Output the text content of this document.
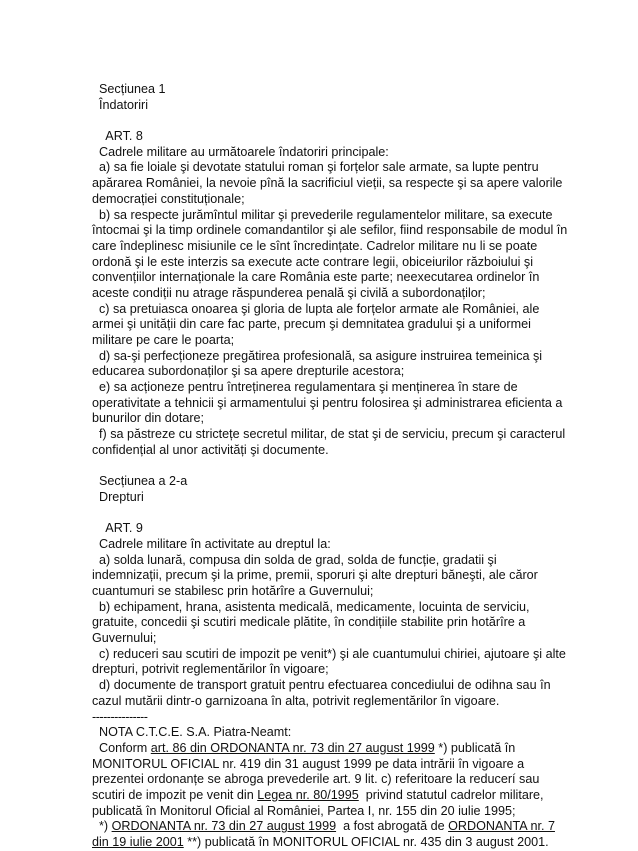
Secțiunea 1
Îndatoriri
ART. 8
Cadrele militare au următoarele îndatoriri principale:
a) sa fie loiale şi devotate statului roman şi forțelor sale armate, sa lupte pentru
apărarea României, la nevoie pînă la sacrificiul vieții, sa respecte şi sa apere valorile
democrației constituționale;
b) sa respecte jurămîntul militar şi prevederile regulamentelor militare, sa execute
întocmai şi la timp ordinele comandantilor şi ale sefilor, fiind responsabile de modul în
care îndeplinesc misiunile ce le sînt încredințate. Cadrelor militare nu li se poate
ordonă şi le este interzis sa execute acte contrare legii, obiceiurilor războiului şi
convențiilor internaționale la care România este parte; neexecutarea ordinelor în
aceste condiții nu atrage răspunderea penală şi civilă a subordonaților;
c) sa pretuiasca onoarea şi gloria de lupta ale forțelor armate ale României, ale
armei şi unității din care fac parte, precum şi demnitatea gradului şi a uniformei
militare pe care le poarta;
d) sa-şi perfecționeze pregătirea profesională, sa asigure instruirea temeinica şi
educarea subordonaților şi sa apere drepturile acestora;
e) sa acționeze pentru întreținerea regulamentara şi menținerea în stare de
operativitate a tehnicii şi armamentului şi pentru folosirea şi administrarea eficienta a
bunurilor din dotare;
f) sa păstreze cu strictețe secretul militar, de stat şi de serviciu, precum şi caracterul
confidențial al unor activități şi documente.
Secțiunea a 2-a
Drepturi
ART. 9
Cadrele militare în activitate au dreptul la:
a) solda lunară, compusa din solda de grad, solda de funcție, gradatii şi
indemnizații, precum şi la prime, premii, sporuri şi alte drepturi băneşti, ale căror
cuantumuri se stabilesc prin hotărîre a Guvernului;
b) echipament, hrana, asistenta medicală, medicamente, locuinta de serviciu,
gratuite, concedii şi scutiri medicale plătite, în condițiile stabilite prin hotărîre a
Guvernului;
c) reduceri sau scutiri de impozit pe venit*) şi ale cuantumului chiriei, ajutoare şi alte
drepturi, potrivit reglementărilor în vigoare;
d) documente de transport gratuit pentru efectuarea concediului de odihna sau în
cazul mutării dintr-o garnizoana în alta, potrivit reglementărilor în vigoare.
---------------
NOTA C.T.C.E. S.A. Piatra-Neamt:
Conform art. 86 din ORDONANTA nr. 73 din 27 august 1999 *) publicată în
MONITORUL OFICIAL nr. 419 din 31 august 1999 pe data intrării în vigoare a
prezentei ordonanțe se abroga prevederile art. 9 lit. c) referitoare la reducerí sau
scutiri de impozit pe venit din Legea nr. 80/1995  privind statutul cadrelor militare,
publicată în Monitorul Oficial al României, Partea I, nr. 155 din 20 iulie 1995;
*) ORDONANTA nr. 73 din 27 august 1999  a fost abrogată de ORDONANTA nr. 7
din 19 iulie 2001 **) publicată în MONITORUL OFICIAL nr. 435 din 3 august 2001.
